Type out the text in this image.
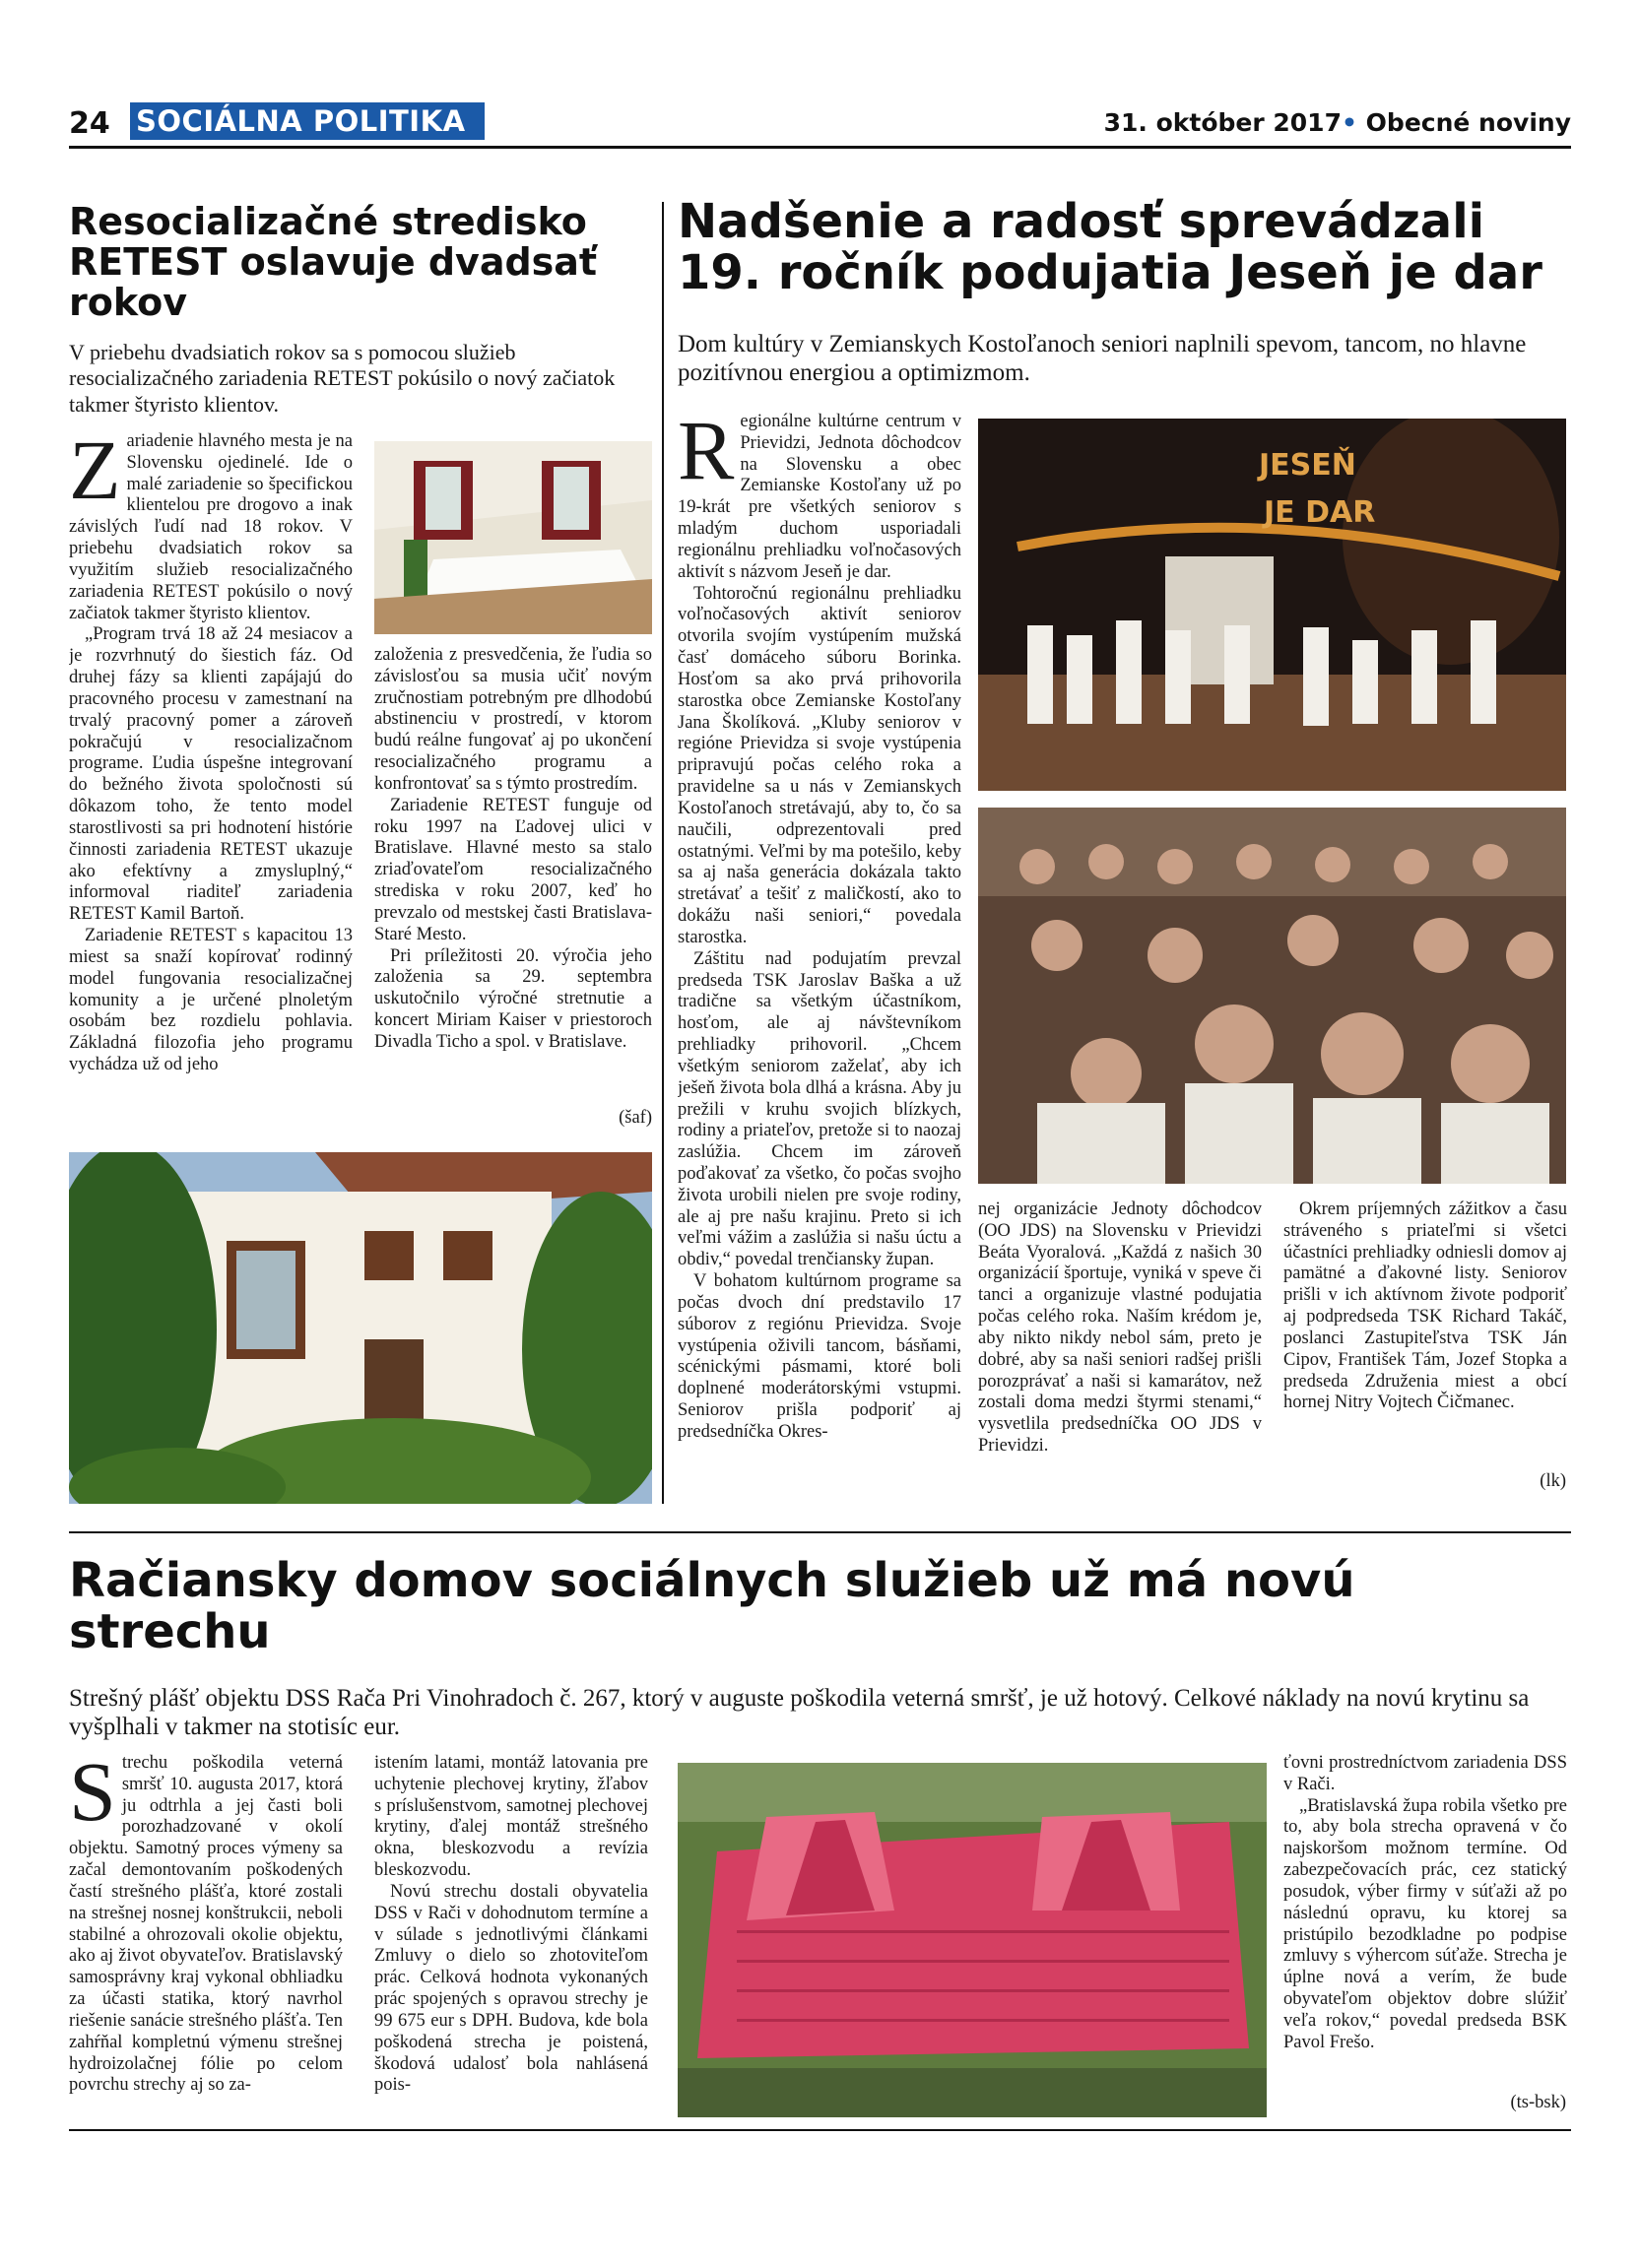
24 SOCIÁLNA POLITIKA	31. október 2017• Obecné noviny
Resocializačné stredisko RETEST oslavuje dvadsať rokov
V priebehu dvadsiatich rokov sa s pomocou služieb resocializačného zariadenia RETEST pokúsilo o nový začiatok takmer štyristo klientov.
Z ariadenie hlavného mesta je na Slovensku ojedinelé. Ide o malé zariadenie so špecifickou klientelou pre drogovo a inak závislých ľudí nad 18 rokov. V priebehu dvadsiatich rokov sa využitím služieb resocializačného zariadenia RETEST pokúsilo o nový začiatok takmer štyristo klientov.

„Program trvá 18 až 24 mesiacov a je rozvrhnutý do šiestich fáz. Od druhej fázy sa klienti zapájajú do pracovného procesu v zamestnaní na trvalý pracovný pomer a zároveň pokračujú v resocializačnom programe. Ľudia úspešne integrovaní do bežného života spoločnosti sú dôkazom toho, že tento model starostlivosti sa pri hodnotení histórie činnosti zariadenia RETEST ukazuje ako efektívny a zmysluplný,“ informoval riaditeľ zariadenia RETEST Kamil Bartoň.

Zariadenie RETEST s kapacitou 13 miest sa snaží kopírovať rodinný model fungovania resocializačnej komunity a je určené plnoletým osobám bez rozdielu pohlavia. Základná filozofia jeho programu vychádza už od jeho

založenia z presvedčenia, že ľudia so závislosťou sa musia učiť novým zručnostiam potrebným pre dlhodobú abstinenciu v prostredí, v ktorom budú reálne fungovať aj po ukončení resocializačného programu a konfrontovať sa s týmto prostredím.

Zariadenie RETEST funguje od roku 1997 na Ľadovej ulici v Bratislave. Hlavné mesto sa stalo zriaďovateľom resocializačného strediska v roku 2007, keď ho prevzalo od mestskej časti Bratislava-Staré Mesto.

Pri príležitosti 20. výročia jeho založenia sa 29. septembra uskutočnilo výročné stretnutie a koncert Miriam Kaiser v priestoroch Divadla Ticho a spol. v Bratislave.

(šaf)
Nadšenie a radosť sprevádzali 19. ročník podujatia Jeseň je dar
Dom kultúry v Zemianskych Kostoľanoch seniori naplnili spevom, tancom, no hlavne pozitívnou energiou a optimizmom.
R egionálne kultúrne centrum v Prievidzi, Jednota dôchodcov na Slovensku a obec Zemianske Kostoľany už po 19-krát pre všetkých seniorov s mladým duchom usporiadali regionálnu prehliadku voľnočasových aktivít s názvom Jeseň je dar.

Tohtoročnú regionálnu prehliadku voľnočasových aktivít seniorov otvorila svojím vystúpením mužská časť domáceho súboru Borinka. Hosťom sa ako prvá prihovorila starostka obce Zemianske Kostoľany Jana Školíková. „Kluby seniorov v regióne Prievidza si svoje vystúpenia pripravujú počas celého roka a pravidelne sa u nás v Zemianskych Kostoľanoch stretávajú, aby to, čo sa naučili, odprezentovali pred ostatnými. Veľmi by ma potešilo, keby sa aj naša generácia dokázala takto stretávať a tešiť z maličkostí, ako to dokážu naši seniori,“ povedala starostka.

Záštitu nad podujatím prevzal predseda TSK Jaroslav Baška a už tradične sa všetkým účastníkom, hosťom, ale aj návštevníkom prehliadky prihovoril. „Chcem všetkým seniorom zaželať, aby ich ješeň života bola dlhá a krásna. Aby ju prežili v kruhu svojich blízkych, rodiny a priateľov, pretože si to naozaj zaslúžia. Chcem im zároveň poďakovať za všetko, čo počas svojho života urobili nielen pre svoje rodiny, ale aj pre našu krajinu. Preto si ich veľmi vážim a zaslúžia si našu úctu a obdiv,“ povedal trenčiansky župan.

V bohatom kultúrnom programe sa počas dvoch dní predstavilo 17 súborov z regiónu Prievidza. Svoje vystúpenia oživili tancom, básňami, scénickými pásmami, ktoré boli doplnené moderátorskými vstupmi. Seniorov prišla podporiť aj predsedníčka Okres-

JESEŇ
JE DAR

nej organizácie Jednoty dôchodcov (OO JDS) na Slovensku v Prievidzi Beáta Vyoralová. „Každá z našich 30 organizácií športuje, vyniká v speve či tanci a organizuje vlastné podujatia počas celého roka. Naším krédom je, aby nikto nikdy nebol sám, preto je dobré, aby sa naši seniori radšej prišli porozprávať a naši si kamarátov, než zostali doma medzi štyrmi stenami,“ vysvetlila predsedníčka OO JDS v Prievidzi.

Okrem príjemných zážitkov a času stráveného s priateľmi si všetci účastníci prehliadky odniesli domov aj pamätné a ďakovné listy. Seniorov prišli v ich aktívnom živote podporiť aj podpredseda TSK Richard Takáč, poslanci Zastupiteľstva TSK Ján Cipov, František Tám, Jozef Stopka a predseda Združenia miest a obcí hornej Nitry Vojtech Čičmanec.

(lk)
Račiansky domov sociálnych služieb už má novú strechu
Strešný plášť objektu DSS Rača Pri Vinohradoch č. 267, ktorý v auguste poškodila veterná smršť, je už hotový. Celkové náklady na novú krytinu sa vyšplhali v takmer na stotisíc eur.
S trechu poškodila veterná smršť 10. augusta 2017, ktorá ju odtrhla a jej časti boli porozhadzované v okolí objektu. Samotný proces výmeny sa začal demontovaním poškodených častí strešného plášťa, ktoré zostali na strešnej nosnej konštrukcii, neboli stabilné a ohrozovali okolie objektu, ako aj život obyvateľov. Bratislavský samosprávny kraj vykonal obhliadku za účasti statika, ktorý navrhol riešenie sanácie strešného plášťa. Ten zahŕňal kompletnú výmenu strešnej hydroizolačnej fólie po celom povrchu strechy aj so za-

istením latami, montáž latovania pre uchytenie plechovej krytiny, žľabov s príslušenstvom, samotnej plechovej krytiny, ďalej montáž strešného okna, bleskozvodu a revízia bleskozvodu.

Novú strechu dostali obyvatelia DSS v Rači v dohodnutom termíne a v súlade s jednotlivými článkami Zmluvy o dielo so zhotoviteľom prác. Celková hodnota vykonaných prác spojených s opravou strechy je 99 675 eur s DPH. Budova, kde bola poškodená strecha je poistená, škodová udalosť bola nahlásená pois-

ťovni prostredníctvom zariadenia DSS v Rači.

„Bratislavská župa robila všetko pre to, aby bola strecha opravená v čo najskoršom možnom termíne. Od zabezpečovacích prác, cez statický posudok, výber firmy v súťaži až po následnú opravu, ku ktorej sa pristúpilo bezodkladne po podpise zmluvy s výhercom súťaže. Strecha je úplne nová a verím, že bude obyvateľom objektov dobre slúžiť veľa rokov,“ povedal predseda BSK Pavol Frešo.

(ts-bsk)
